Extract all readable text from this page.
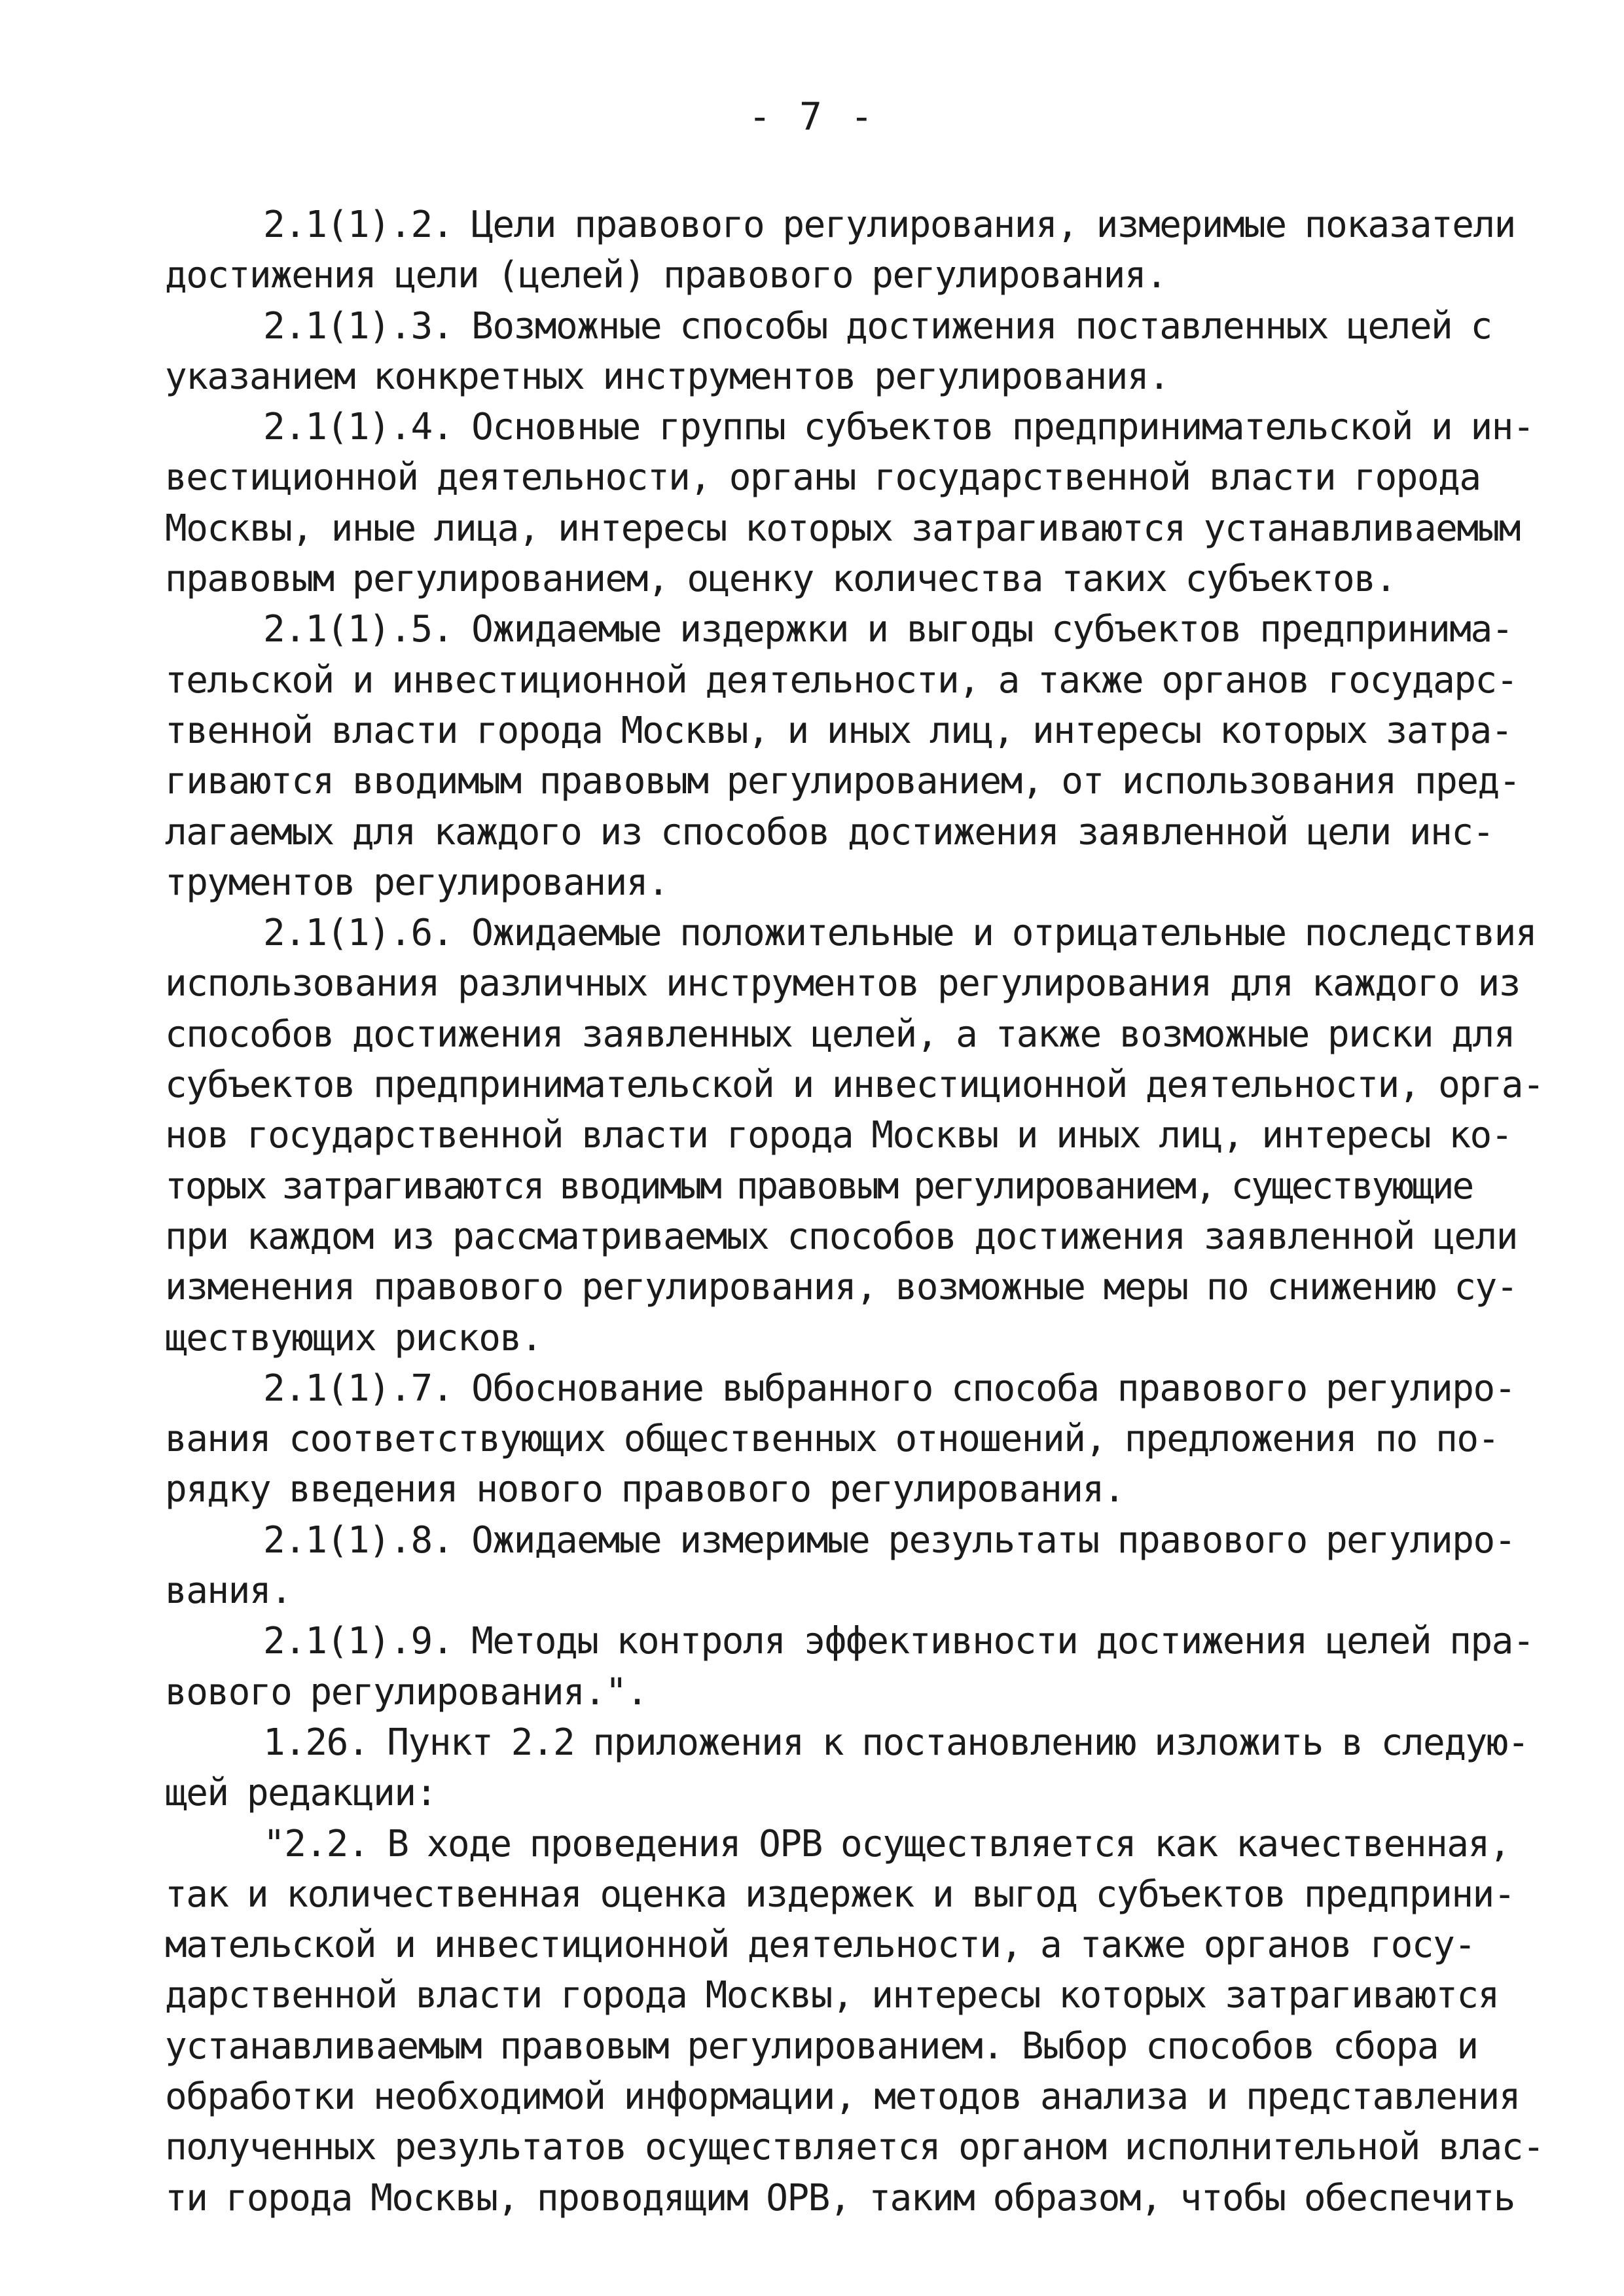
- 7 -
2.1(1).2. Цели правового регулирования, измеримые показатели
достижения цели (целей) правового регулирования.
2.1(1).3. Возможные способы достижения поставленных целей с
указанием конкретных инструментов регулирования.
2.1(1).4. Основные группы субъектов предпринимательской и ин-
вестиционной деятельности, органы государственной власти города
Москвы, иные лица, интересы которых затрагиваются устанавливаемым
правовым регулированием, оценку количества таких субъектов.
2.1(1).5. Ожидаемые издержки и выгоды субъектов предпринима-
тельской и инвестиционной деятельности, а также органов государс-
твенной власти города Москвы, и иных лиц, интересы которых затра-
гиваются вводимым правовым регулированием, от использования пред-
лагаемых для каждого из способов достижения заявленной цели инс-
трументов регулирования.
2.1(1).6. Ожидаемые положительные и отрицательные последствия
использования различных инструментов регулирования для каждого из
способов достижения заявленных целей, а также возможные риски для
субъектов предпринимательской и инвестиционной деятельности, орга-
нов государственной власти города Москвы и иных лиц, интересы ко-
торых затрагиваются вводимым правовым регулированием, существующие
при каждом из рассматриваемых способов достижения заявленной цели
изменения правового регулирования, возможные меры по снижению су-
ществующих рисков.
2.1(1).7. Обоснование выбранного способа правового регулиро-
вания соответствующих общественных отношений, предложения по по-
рядку введения нового правового регулирования.
2.1(1).8. Ожидаемые измеримые результаты правового регулиро-
вания.
2.1(1).9. Методы контроля эффективности достижения целей пра-
вового регулирования.".
1.26. Пункт 2.2 приложения к постановлению изложить в следую-
щей редакции:
"2.2. В ходе проведения ОРВ осуществляется как качественная,
так и количественная оценка издержек и выгод субъектов предприни-
мательской и инвестиционной деятельности, а также органов госу-
дарственной власти города Москвы, интересы которых затрагиваются
устанавливаемым правовым регулированием. Выбор способов сбора и
обработки необходимой информации, методов анализа и представления
полученных результатов осуществляется органом исполнительной влас-
ти города Москвы, проводящим ОРВ, таким образом, чтобы обеспечить
